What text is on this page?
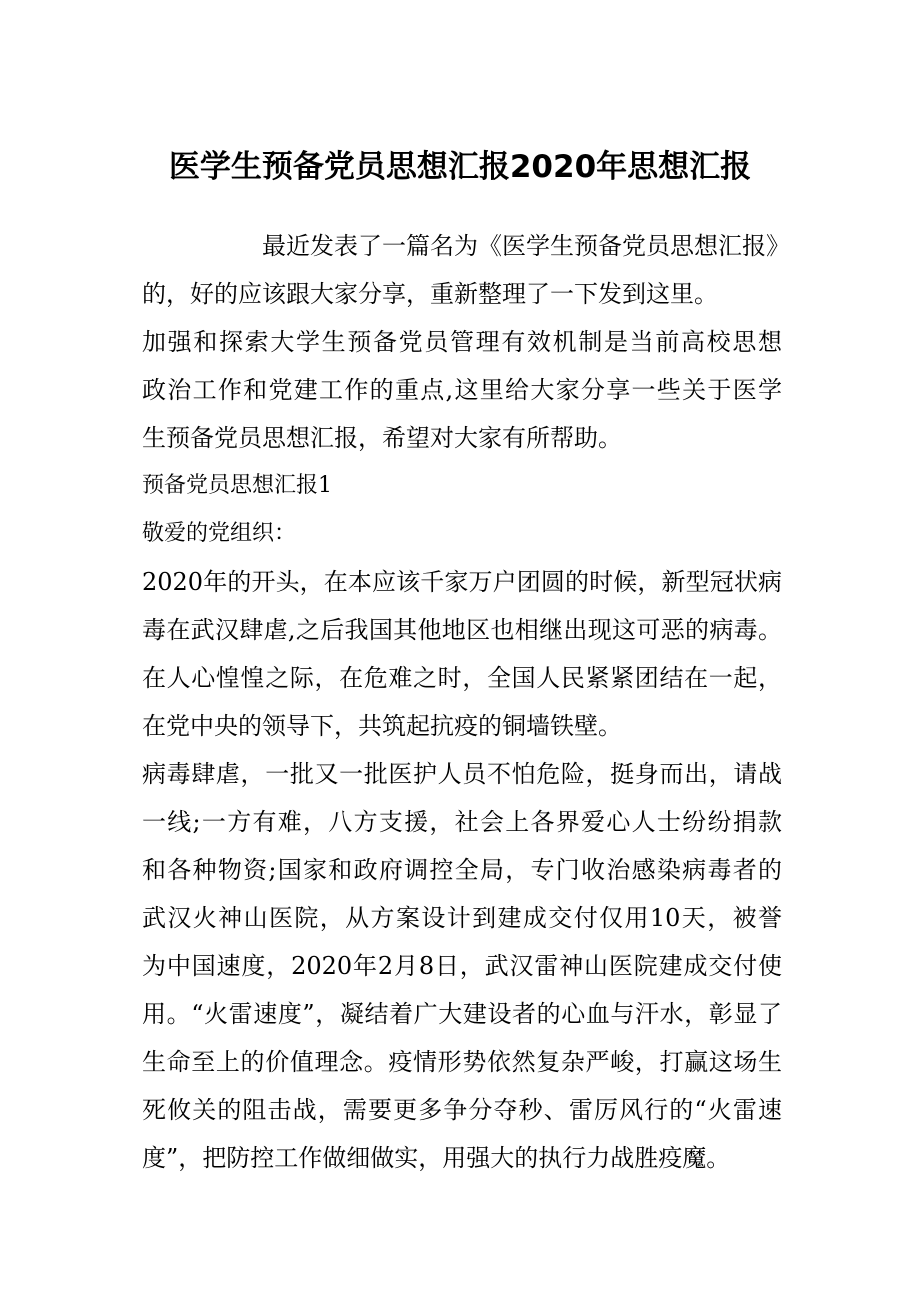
医学生预备党员思想汇报2020年思想汇报

　　　　　最近发表了一篇名为《医学生预备党员思想汇报》

的，好的应该跟大家分享，重新整理了一下发到这里。

加强和探索大学生预备党员管理有效机制是当前高校思想

政治工作和党建工作的重点,这里给大家分享一些关于医学

生预备党员思想汇报，希望对大家有所帮助。

预备党员思想汇报1

敬爱的党组织：

2020年的开头，在本应该千家万户团圆的时候，新型冠状病

毒在武汉肆虐,之后我国其他地区也相继出现这可恶的病毒。

在人心惶惶之际，在危难之时，全国人民紧紧团结在一起，

在党中央的领导下，共筑起抗疫的铜墙铁壁。

病毒肆虐，一批又一批医护人员不怕危险，挺身而出，请战

一线;一方有难，八方支援，社会上各界爱心人士纷纷捐款

和各种物资;国家和政府调控全局，专门收治感染病毒者的

武汉火神山医院，从方案设计到建成交付仅用10天，被誉

为中国速度，2020年2月8日，武汉雷神山医院建成交付使

用。“火雷速度”，凝结着广大建设者的心血与汗水，彰显了

生命至上的价值理念。疫情形势依然复杂严峻，打赢这场生

死攸关的阻击战，需要更多争分夺秒、雷厉风行的“火雷速

度”，把防控工作做细做实，用强大的执行力战胜疫魔。
